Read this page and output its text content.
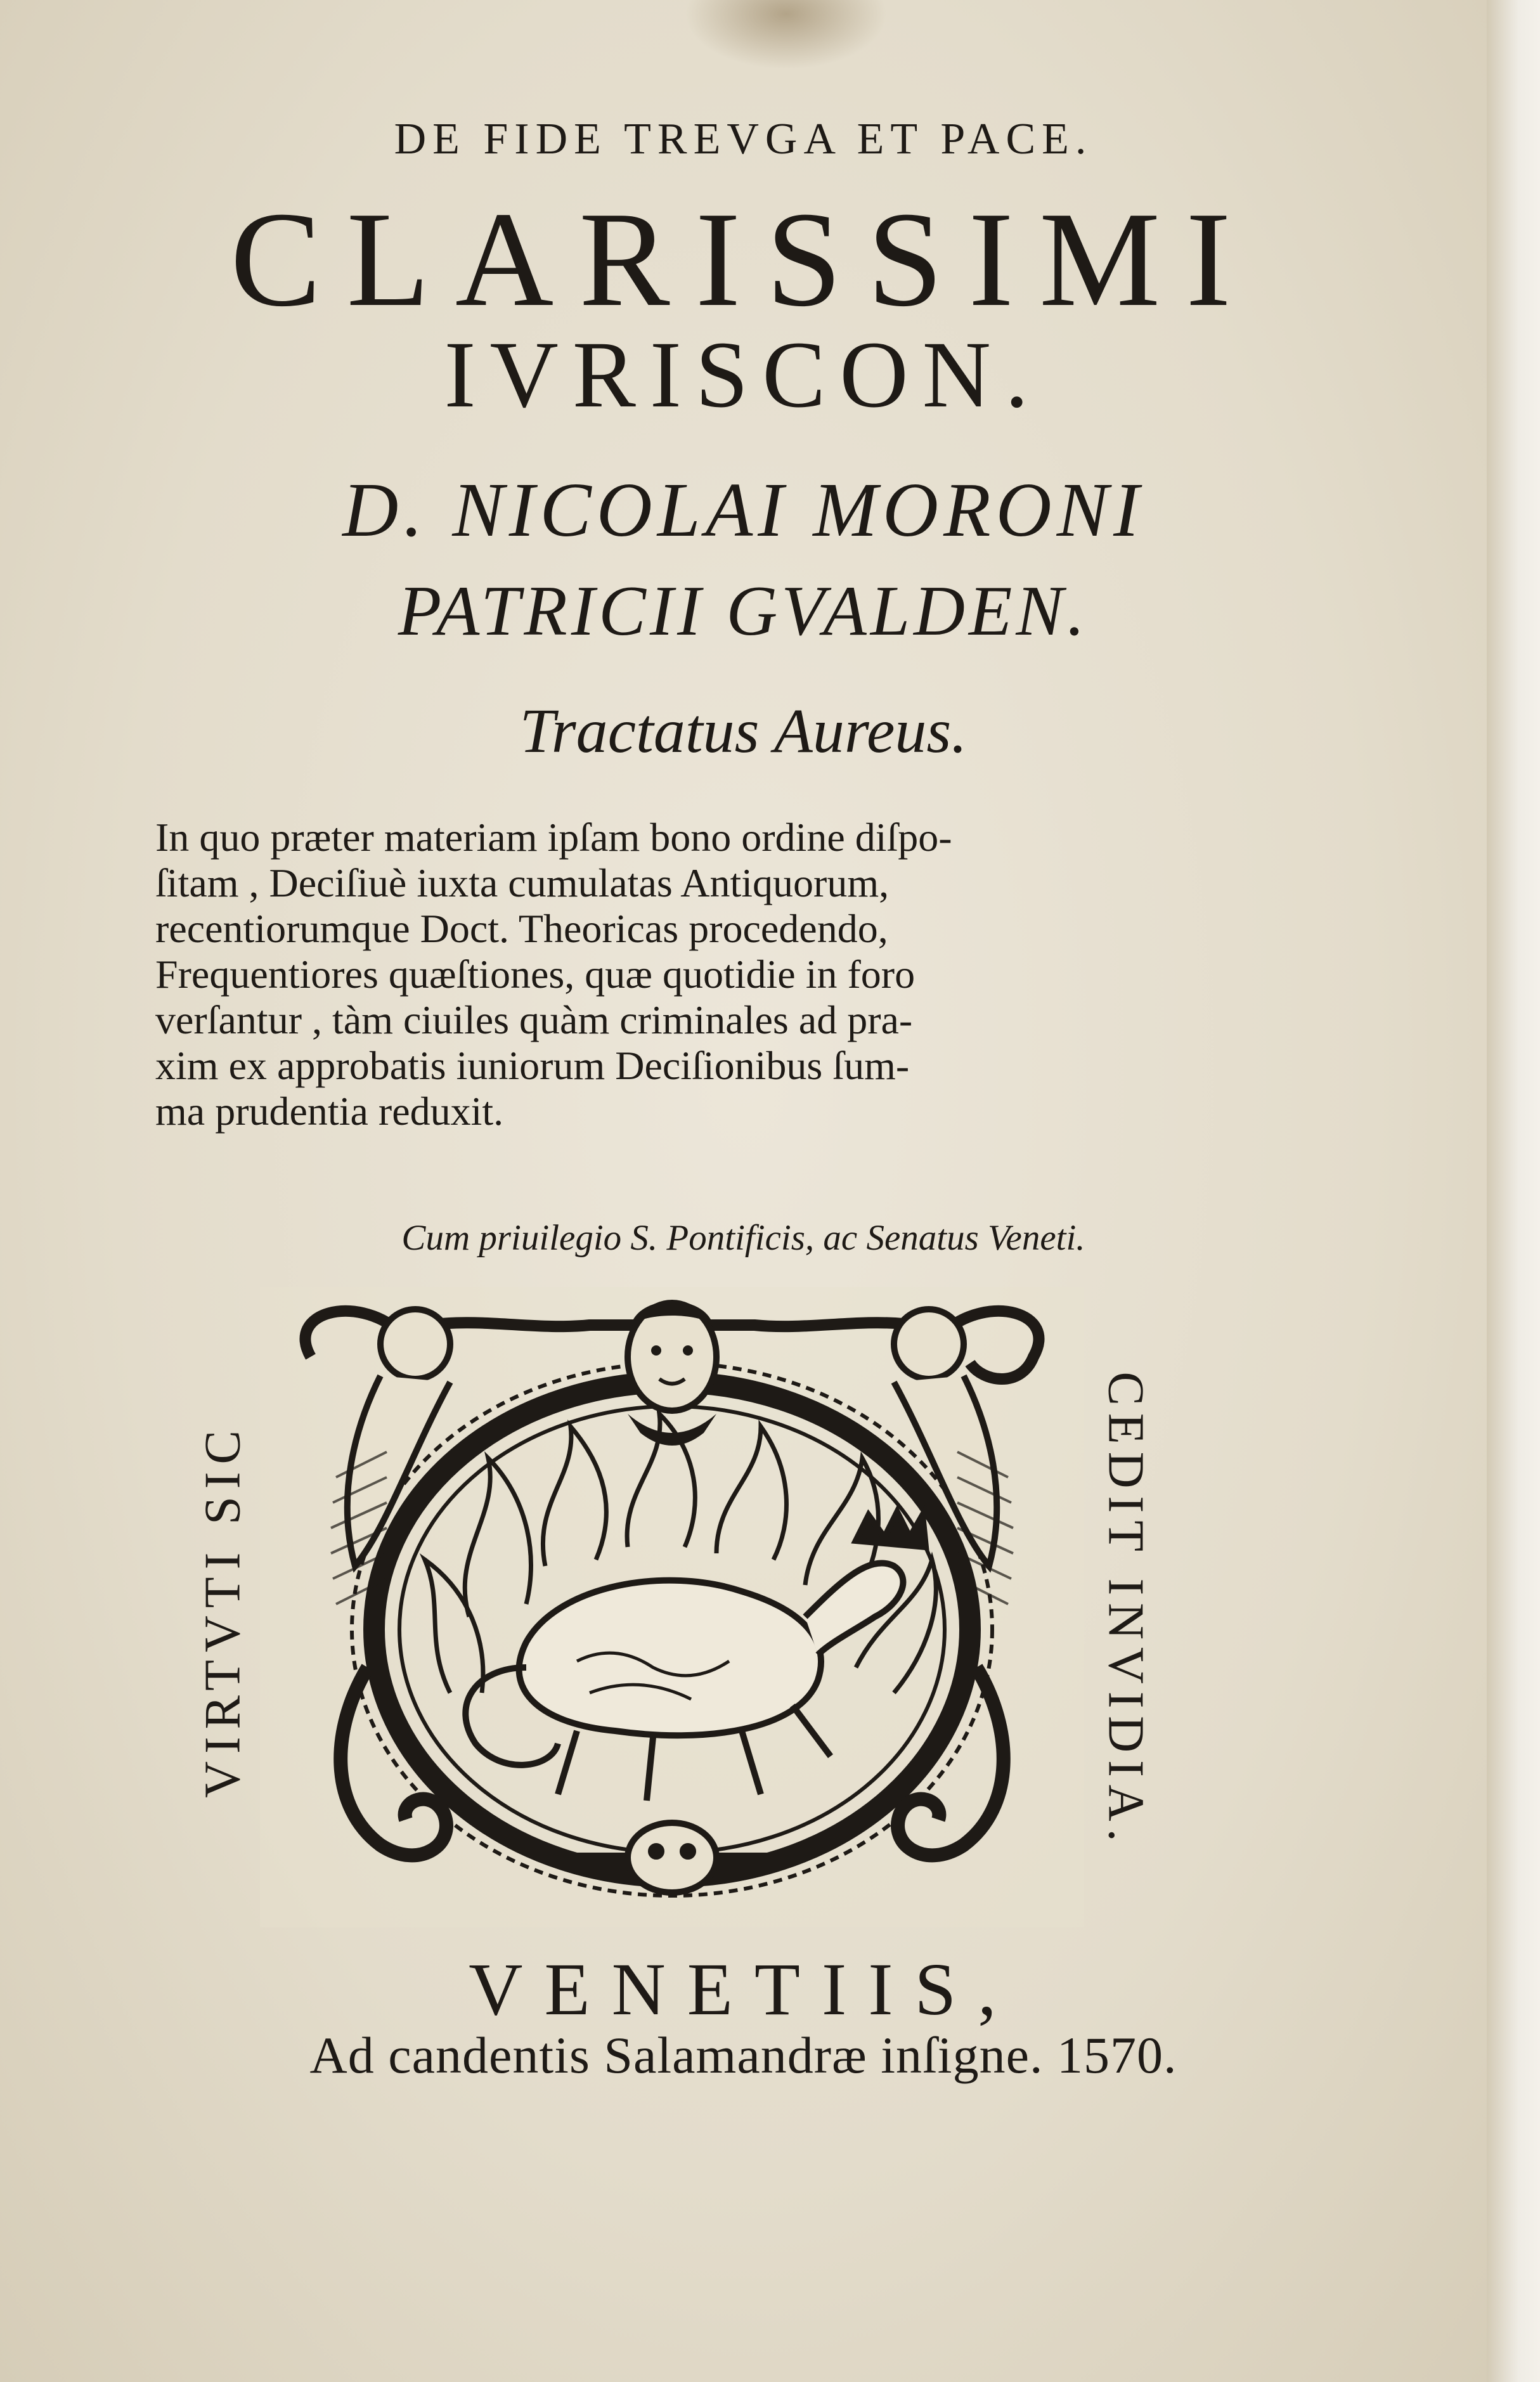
DE FIDE TREVGA ET PACE.
CLARISSIMI
IVRISCON.
D. NICOLAI MORONI
PATRICII GVALDEN.
Tractatus Aureus.
In quo præter materiam ipſam bono ordine diſpo-
ſitam , Deciſiuè iuxta cumulatas Antiquorum,
recentiorumque Doct. Theoricas procedendo,
Frequentiores quæſtiones, quæ quotidie in foro
verſantur , tàm ciuiles quàm criminales ad pra-
xim ex approbatis iuniorum Deciſionibus ſum-
ma prudentia reduxit.
Cum priuilegio S. Pontificis, ac Senatus Veneti.
VIRTVTI SIC	CEDIT INVIDIA.
VENETIIS,
Ad candentis Salamandræ inſigne. 1570.
